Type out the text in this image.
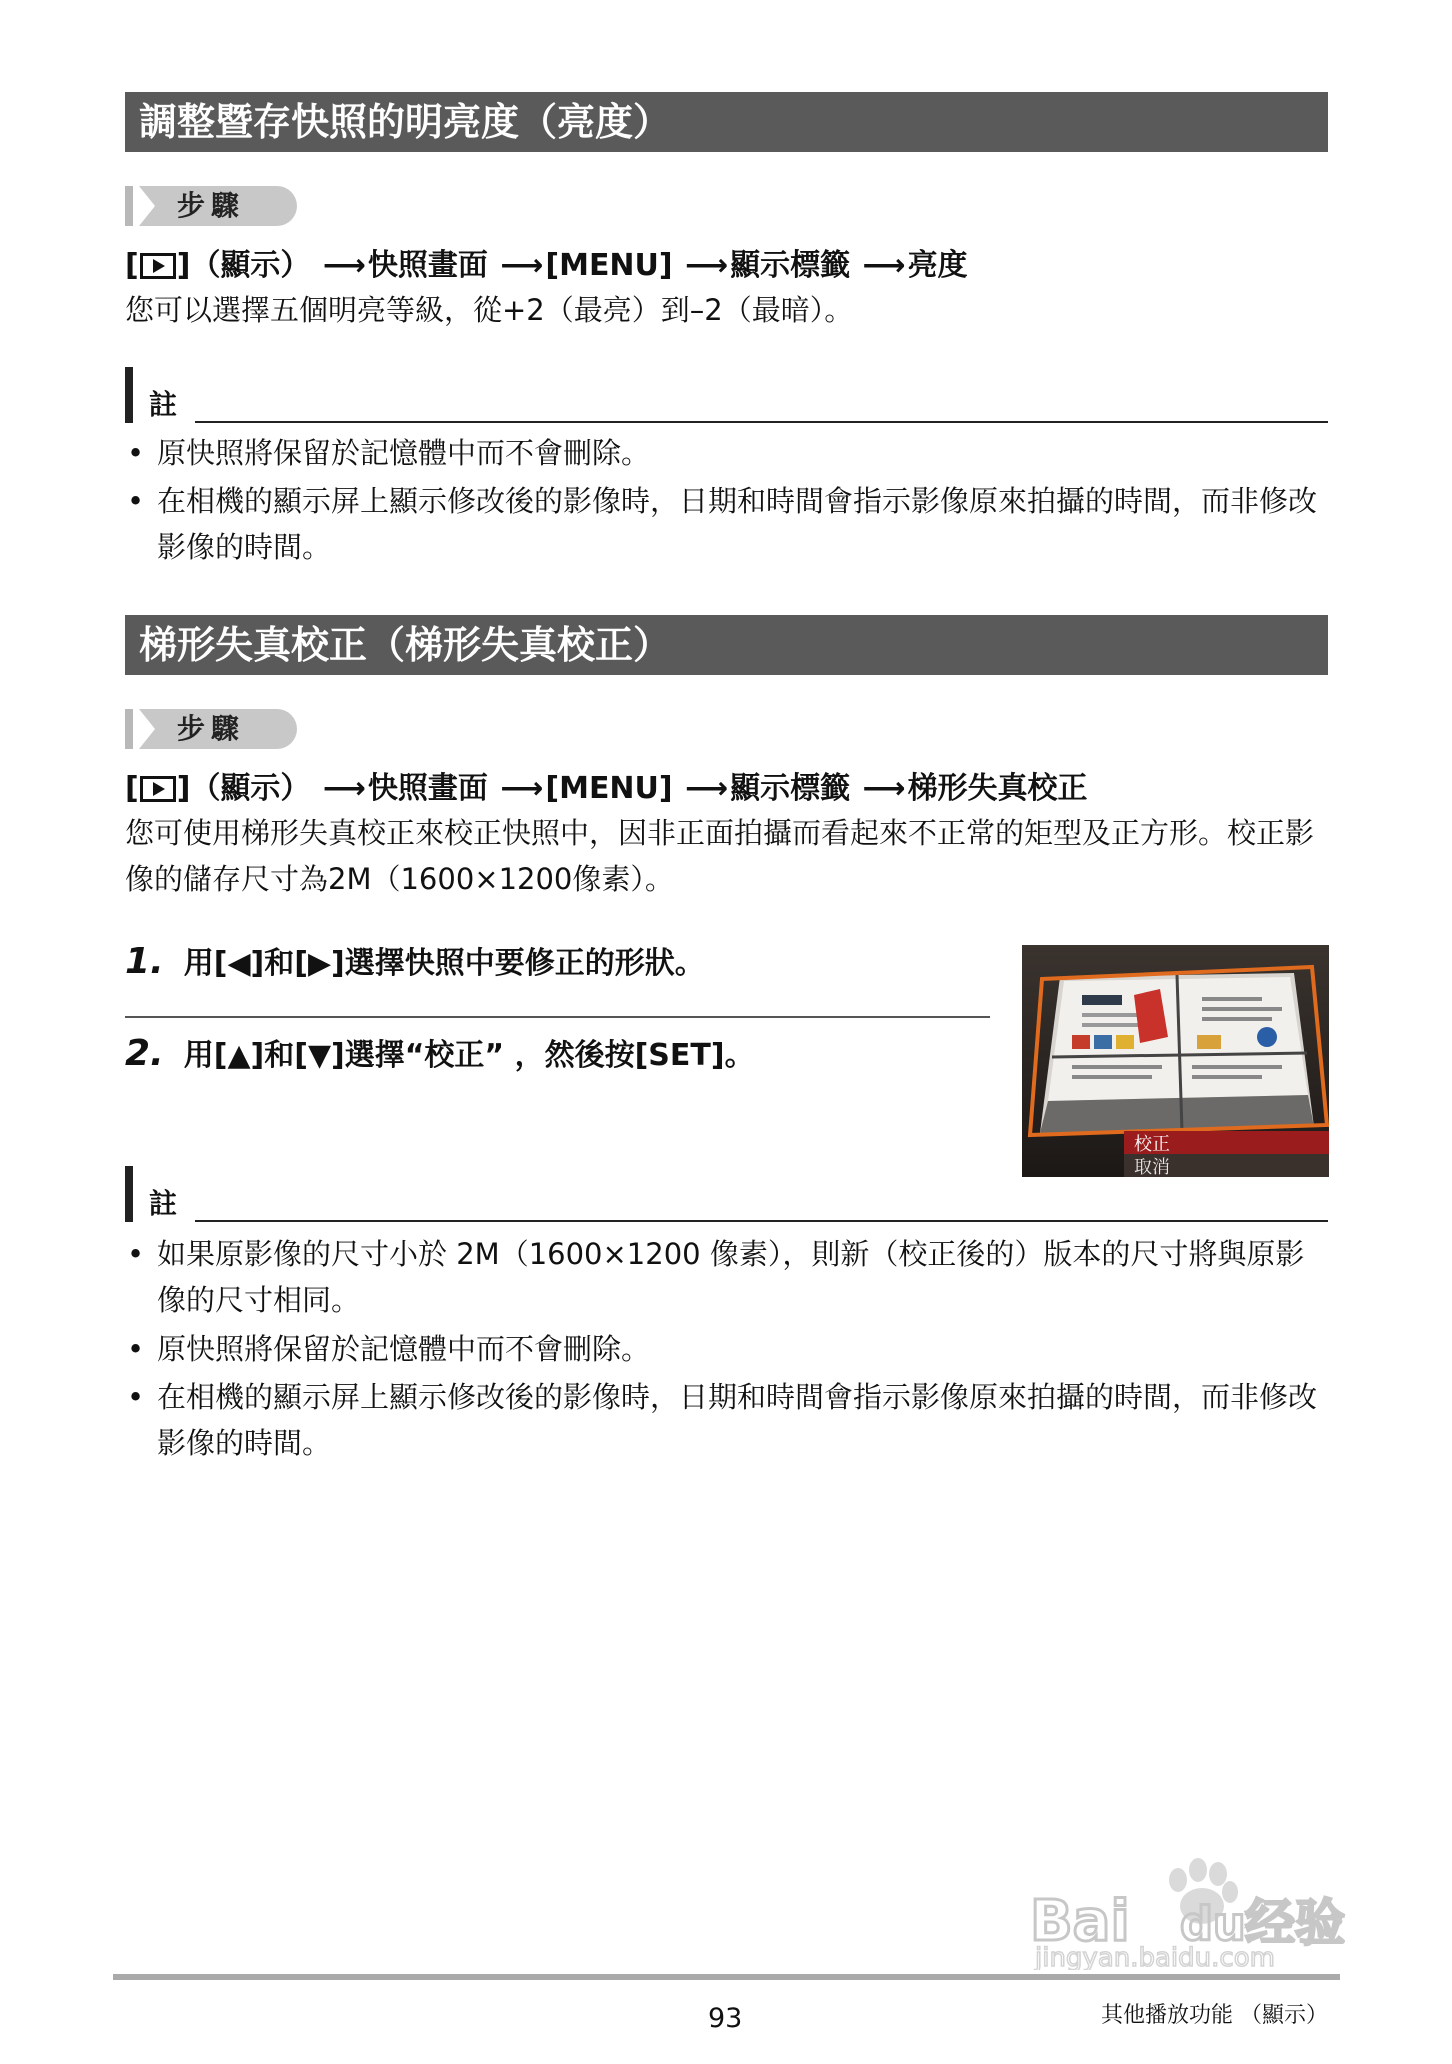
調整暨存快照的明亮度（亮度）
步驟
[ ]（顯示） ⟶快照畫面 ⟶[MENU] ⟶顯示標籤 ⟶亮度
您可以選擇五個明亮等級，從+2（最亮）到–2（最暗）。
註
• 原快照將保留於記憶體中而不會刪除。
• 在相機的顯示屏上顯示修改後的影像時，日期和時間會指示影像原來拍攝的時間，而非修改影像的時間。
梯形失真校正（梯形失真校正）
步驟
[ ]（顯示） ⟶快照畫面 ⟶[MENU] ⟶顯示標籤 ⟶梯形失真校正
您可使用梯形失真校正來校正快照中，因非正面拍攝而看起來不正常的矩型及正方形。校正影像的儲存尺寸為2M（1600×1200像素）。
1. 用[◀]和[▶]選擇快照中要修正的形狀。
2. 用[▲]和[▼]選擇“校正” ，然後按[SET]。
校正
取消
註
• 如果原影像的尺寸小於 2M（1600×1200 像素），則新（校正後的）版本的尺寸將與原影像的尺寸相同。
• 原快照將保留於記憶體中而不會刪除。
• 在相機的顯示屏上顯示修改後的影像時，日期和時間會指示影像原來拍攝的時間，而非修改影像的時間。
Bai du 经验
jingyan.baidu.com
93	其他播放功能 （顯示）
